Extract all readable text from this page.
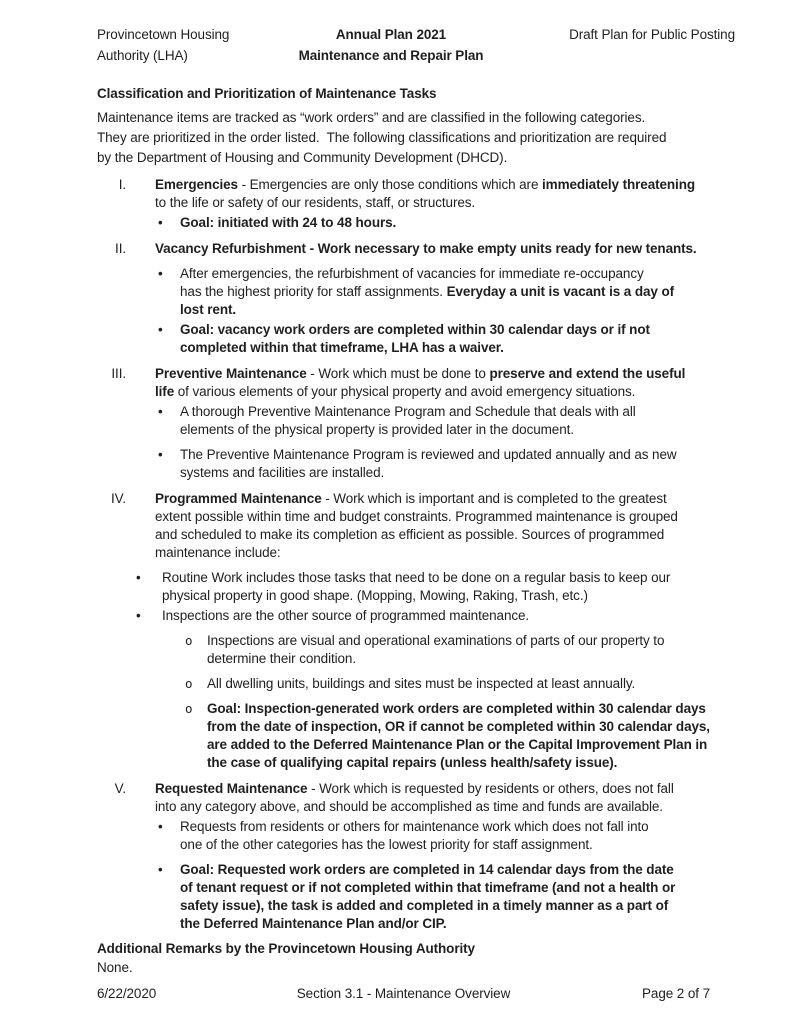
Provincetown Housing
Authority (LHA)
Annual Plan 2021
Maintenance and Repair Plan
Draft Plan for Public Posting
Classification and Prioritization of Maintenance Tasks
Maintenance items are tracked as “work orders” and are classified in the following categories.
They are prioritized in the order listed.  The following classifications and prioritization are required
by the Department of Housing and Community Development (DHCD).
I.	Emergencies - Emergencies are only those conditions which are immediately threatening
to the life or safety of our residents, staff, or structures.
•	Goal: initiated with 24 to 48 hours.
II.	Vacancy Refurbishment - Work necessary to make empty units ready for new tenants.
•	After emergencies, the refurbishment of vacancies for immediate re-occupancy
has the highest priority for staff assignments. Everyday a unit is vacant is a day of
lost rent.
•	Goal: vacancy work orders are completed within 30 calendar days or if not
completed within that timeframe, LHA has a waiver.
III.	Preventive Maintenance - Work which must be done to preserve and extend the useful
life of various elements of your physical property and avoid emergency situations.
•	A thorough Preventive Maintenance Program and Schedule that deals with all
elements of the physical property is provided later in the document.
•	The Preventive Maintenance Program is reviewed and updated annually and as new
systems and facilities are installed.
IV.	Programmed Maintenance - Work which is important and is completed to the greatest
extent possible within time and budget constraints. Programmed maintenance is grouped
and scheduled to make its completion as efficient as possible. Sources of programmed
maintenance include:
•	Routine Work includes those tasks that need to be done on a regular basis to keep our
physical property in good shape. (Mopping, Mowing, Raking, Trash, etc.)
•	Inspections are the other source of programmed maintenance.
o	Inspections are visual and operational examinations of parts of our property to
determine their condition.
o	All dwelling units, buildings and sites must be inspected at least annually.
o	Goal: Inspection-generated work orders are completed within 30 calendar days
from the date of inspection, OR if cannot be completed within 30 calendar days,
are added to the Deferred Maintenance Plan or the Capital Improvement Plan in
the case of qualifying capital repairs (unless health/safety issue).
V.	Requested Maintenance - Work which is requested by residents or others, does not fall
into any category above, and should be accomplished as time and funds are available.
•	Requests from residents or others for maintenance work which does not fall into
one of the other categories has the lowest priority for staff assignment.
•	Goal: Requested work orders are completed in 14 calendar days from the date
of tenant request or if not completed within that timeframe (and not a health or
safety issue), the task is added and completed in a timely manner as a part of
the Deferred Maintenance Plan and/or CIP.
Additional Remarks by the Provincetown Housing Authority
None.
6/22/2020	Section 3.1 - Maintenance Overview	Page 2 of 7
